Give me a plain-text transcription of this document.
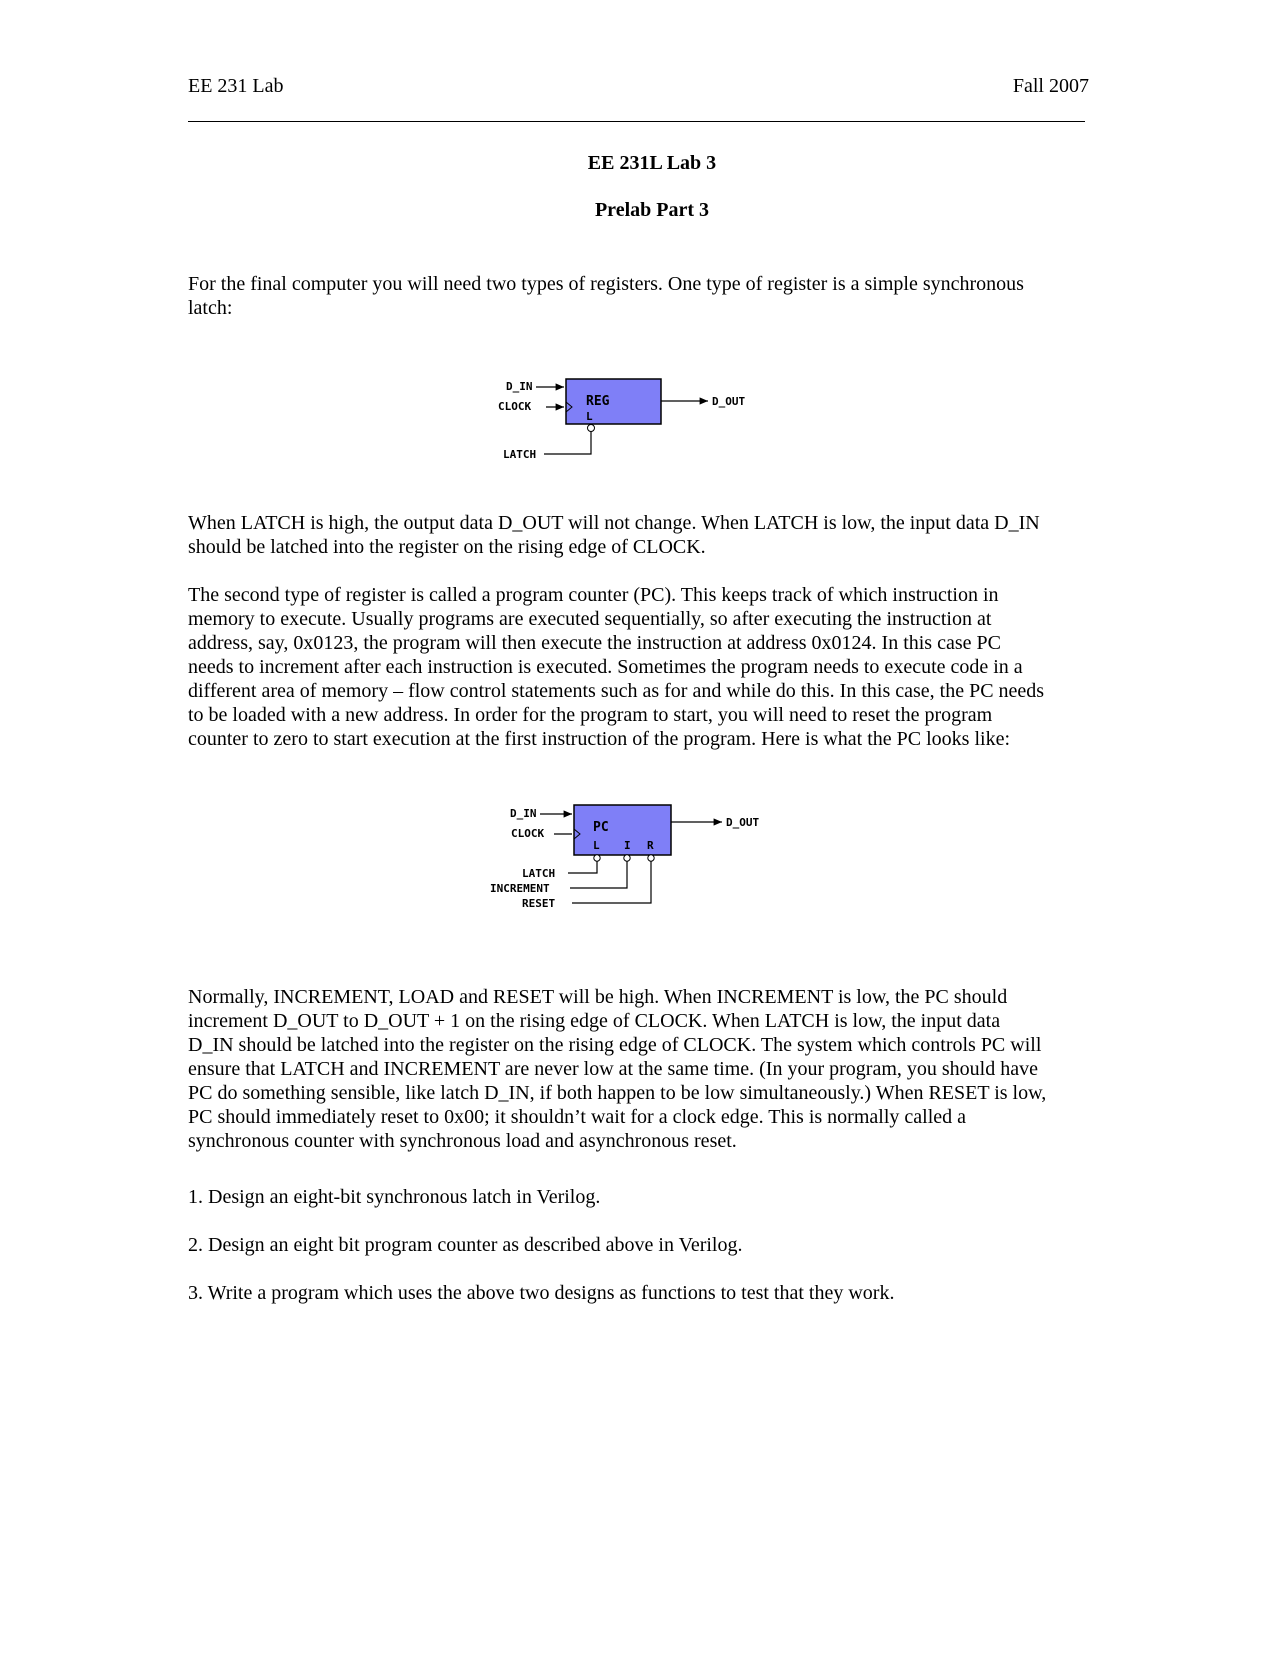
EE 231 Lab	Fall 2007
EE 231L Lab 3
Prelab Part 3

For the final computer you will need two types of registers. One type of register is a simple synchronous
latch:

D_IN
CLOCK	REG
L
D_OUT
LATCH

When LATCH is high, the output data D_OUT will not change. When LATCH is low, the input data D_IN
should be latched into the register on the rising edge of CLOCK.

The second type of register is called a program counter (PC). This keeps track of which instruction in
memory to execute. Usually programs are executed sequentially, so after executing the instruction at
address, say, 0x0123, the program will then execute the instruction at address 0x0124. In this case PC
needs to increment after each instruction is executed. Sometimes the program needs to execute code in a
different area of memory – flow control statements such as for and while do this. In this case, the PC needs
to be loaded with a new address. In order for the program to start, you will need to reset the program
counter to zero to start execution at the first instruction of the program. Here is what the PC looks like:

D_IN
CLOCK	PC
L I R
D_OUT
LATCH
INCREMENT
RESET

Normally, INCREMENT, LOAD and RESET will be high. When INCREMENT is low, the PC should
increment D_OUT to D_OUT + 1 on the rising edge of CLOCK. When LATCH is low, the input data
D_IN should be latched into the register on the rising edge of CLOCK. The system which controls PC will
ensure that LATCH and INCREMENT are never low at the same time. (In your program, you should have
PC do something sensible, like latch D_IN, if both happen to be low simultaneously.) When RESET is low,
PC should immediately reset to 0x00; it shouldn’t wait for a clock edge. This is normally called a
synchronous counter with synchronous load and asynchronous reset.

1. Design an eight-bit synchronous latch in Verilog.

2. Design an eight bit program counter as described above in Verilog.

3. Write a program which uses the above two designs as functions to test that they work.
